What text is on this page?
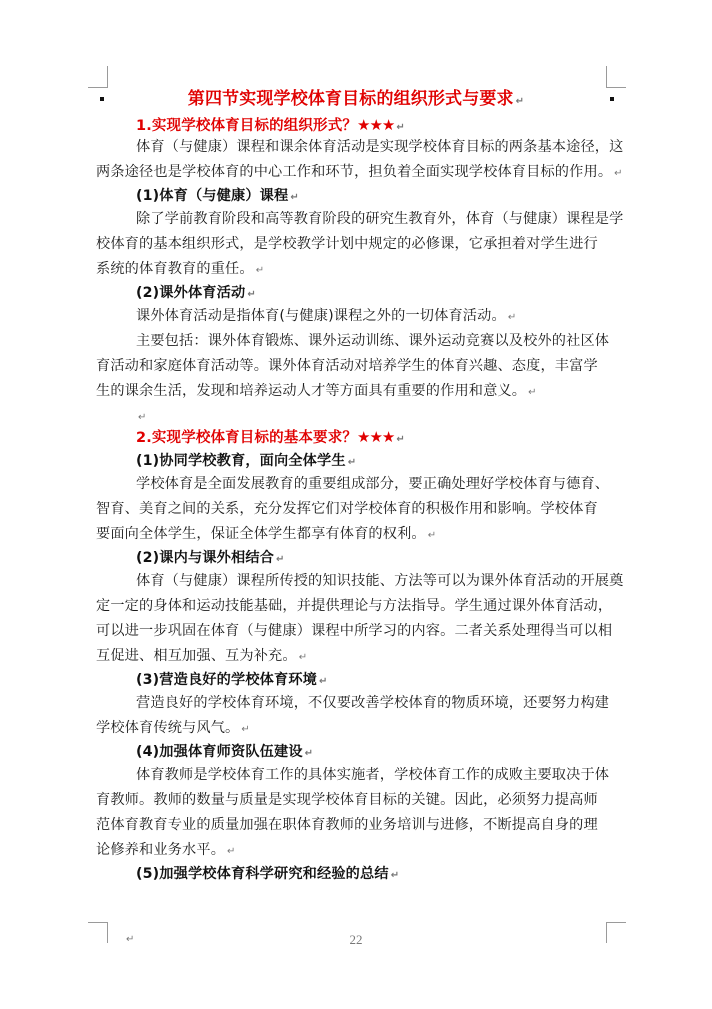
第四节实现学校体育目标的组织形式与要求 ↵
1.实现学校体育目标的组织形式？★★★ ↵
体育（与健康）课程和课余体育活动是实现学校体育目标的两条基本途径，这
两条途径也是学校体育的中心工作和环节，担负着全面实现学校体育目标的作用。 ↵
(1)体育（与健康）课程 ↵
除了学前教育阶段和高等教育阶段的研究生教育外，体育（与健康）课程是学
校体育的基本组织形式，是学校教学计划中规定的必修课，它承担着对学生进行
系统的体育教育的重任。 ↵
(2)课外体育活动 ↵
课外体育活动是指体育(与健康)课程之外的一切体育活动。 ↵
主要包括：课外体育锻炼、课外运动训练、课外运动竞赛以及校外的社区体
育活动和家庭体育活动等。课外体育活动对培养学生的体育兴趣、态度，丰富学
生的课余生活，发现和培养运动人才等方面具有重要的作用和意义。 ↵
↵
2.实现学校体育目标的基本要求？★★★ ↵
(1)协同学校教育，面向全体学生 ↵
学校体育是全面发展教育的重要组成部分，要正确处理好学校体育与德育、
智育、美育之间的关系，充分发挥它们对学校体育的积极作用和影响。学校体育
要面向全体学生，保证全体学生都享有体育的权利。 ↵
(2)课内与课外相结合 ↵
体育（与健康）课程所传授的知识技能、方法等可以为课外体育活动的开展奠
定一定的身体和运动技能基础，并提供理论与方法指导。学生通过课外体育活动，
可以进一步巩固在体育（与健康）课程中所学习的内容。二者关系处理得当可以相
互促进、相互加强、互为补充。 ↵
(3)营造良好的学校体育环境 ↵
营造良好的学校体育环境，不仅要改善学校体育的物质环境，还要努力构建
学校体育传统与风气。 ↵
(4)加强体育师资队伍建设 ↵
体育教师是学校体育工作的具体实施者，学校体育工作的成败主要取决于体
育教师。教师的数量与质量是实现学校体育目标的关键。因此，必须努力提高师
范体育教育专业的质量加强在职体育教师的业务培训与进修，不断提高自身的理
论修养和业务水平。 ↵
(5)加强学校体育科学研究和经验的总结 ↵
↵	22
